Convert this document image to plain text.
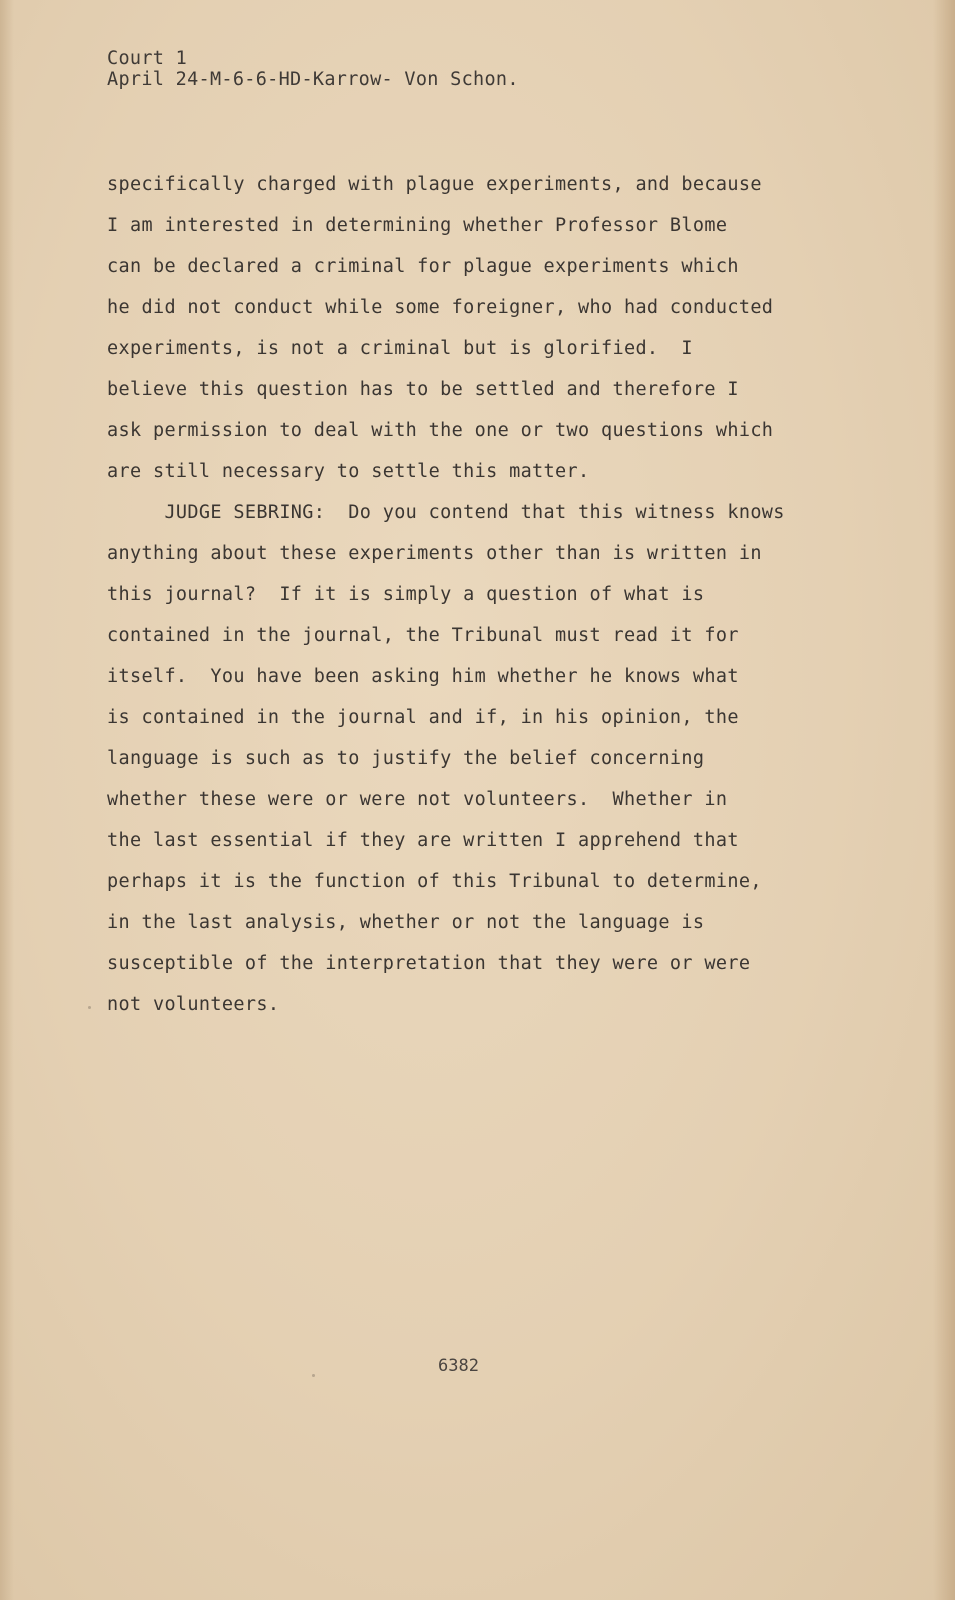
Court 1
April 24-M-6-6-HD-Karrow- Von Schon.
specifically charged with plague experiments, and because
I am interested in determining whether Professor Blome
can be declared a criminal for plague experiments which
he did not conduct while some foreigner, who had conducted
experiments, is not a criminal but is glorified.  I
believe this question has to be settled and therefore I
ask permission to deal with the one or two questions which
are still necessary to settle this matter.
JUDGE SEBRING:  Do you contend that this witness knows
anything about these experiments other than is written in
this journal?  If it is simply a question of what is
contained in the journal, the Tribunal must read it for
itself.  You have been asking him whether he knows what
is contained in the journal and if, in his opinion, the
language is such as to justify the belief concerning
whether these were or were not volunteers.  Whether in
the last essential if they are written I apprehend that
perhaps it is the function of this Tribunal to determine,
in the last analysis, whether or not the language is
susceptible of the interpretation that they were or were
not volunteers.
6382
